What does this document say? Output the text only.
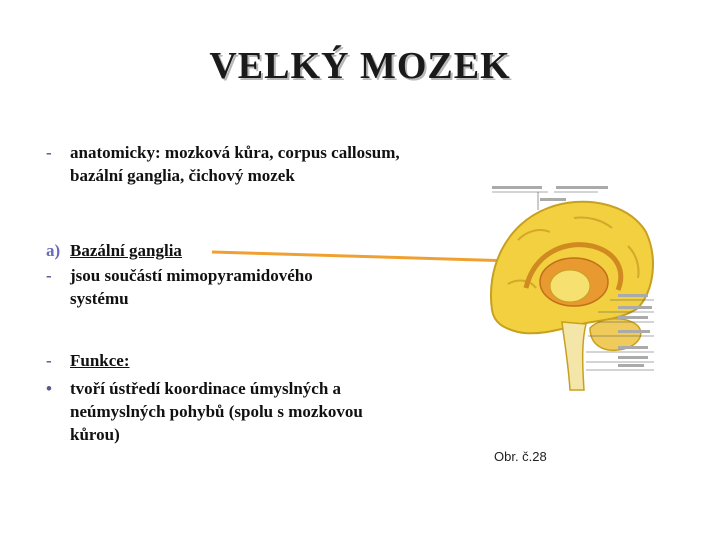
VELKÝ MOZEK
-	anatomicky: mozková kůra, corpus callosum, bazální ganglia, čichový mozek
a) Bazální ganglia
-	jsou součástí mimopyramidového systému
-	Funkce:
•	tvoří ústředí koordinace úmyslných a neúmyslných pohybů (spolu s mozkovou kůrou)
Obr. č.28
